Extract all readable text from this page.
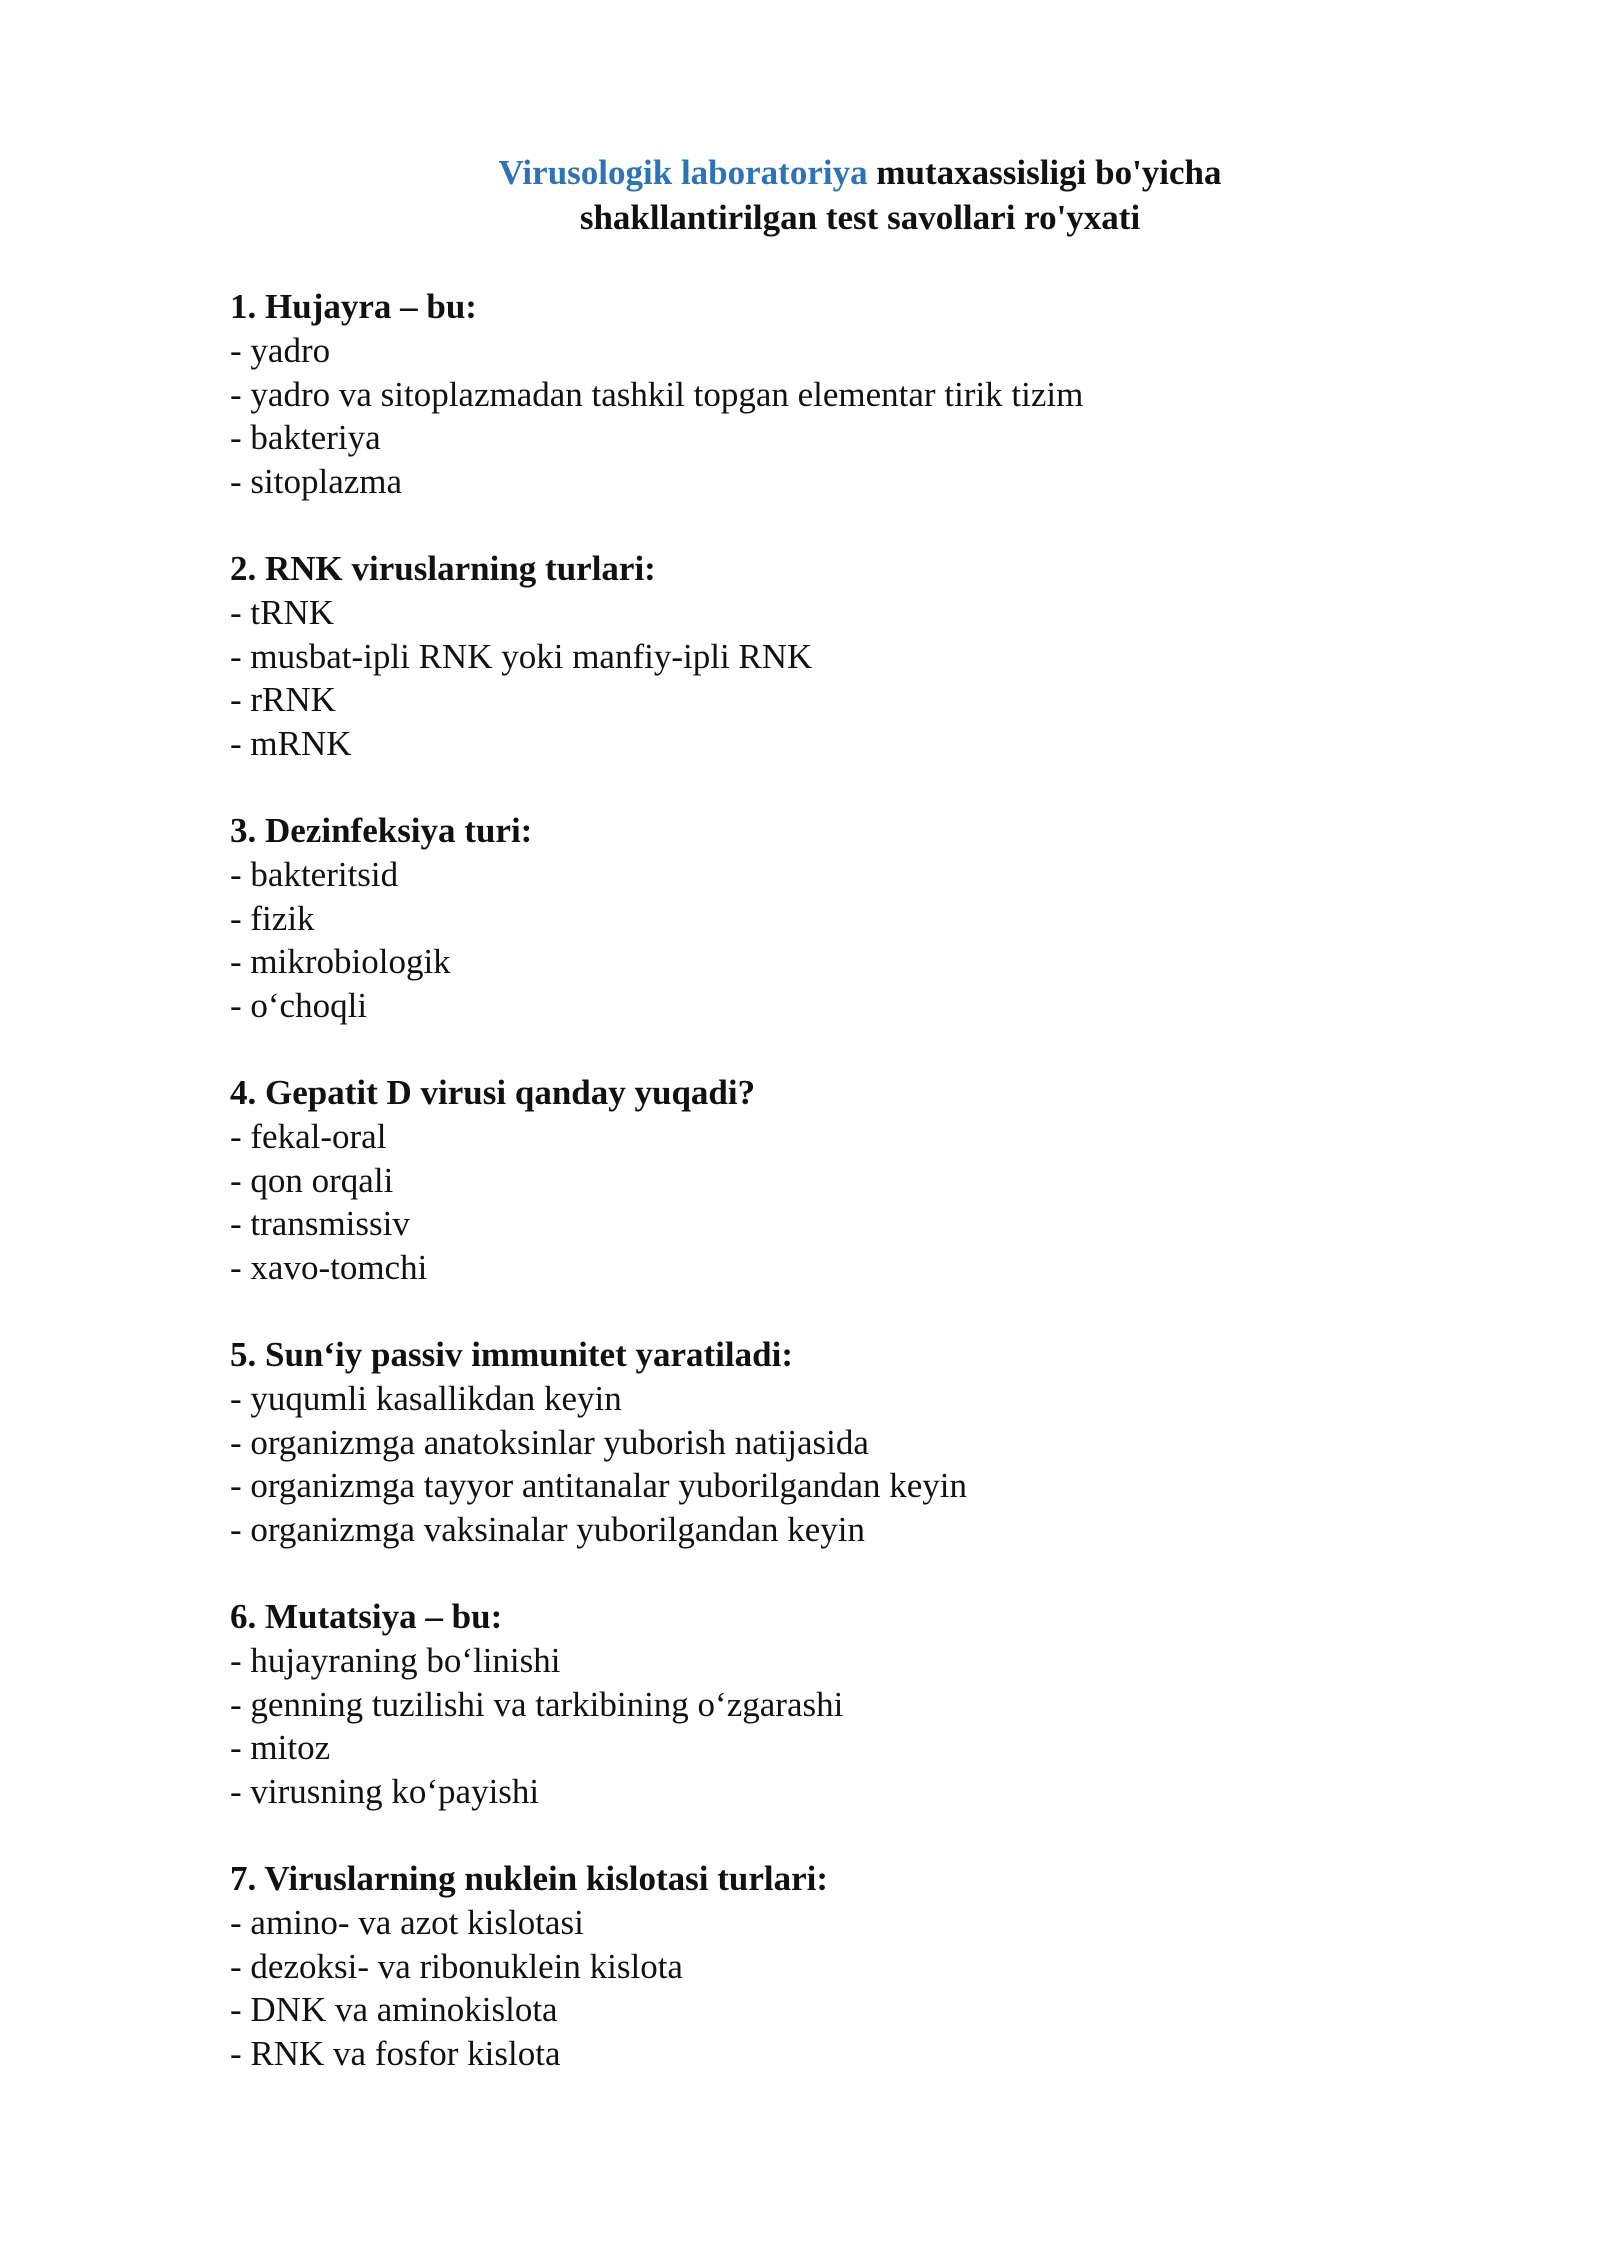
Virusologik laboratoriya mutaxassisligi bo'yicha
shakllantirilgan test savollari ro'yxati
1. Hujayra – bu:
- yadro
- yadro va sitoplazmadan tashkil topgan elementar tirik tizim
- bakteriya
- sitoplazma
2. RNK viruslarning turlari:
- tRNK
- musbat-ipli RNK yoki manfiy-ipli RNK
- rRNK
- mRNK
3. Dezinfeksiya turi:
- bakteritsid
- fizik
- mikrobiologik
- o‘choqli
4. Gepatit D virusi qanday yuqadi?
- fekal-oral
- qon orqali
- transmissiv
- xavo-tomchi
5. Sun‘iy passiv immunitet yaratiladi:
- yuqumli kasallikdan keyin
- organizmga anatoksinlar yuborish natijasida
- organizmga tayyor antitanalar yuborilgandan keyin
- organizmga vaksinalar yuborilgandan keyin
6. Mutatsiya – bu:
- hujayraning bo‘linishi
- genning tuzilishi va tarkibining o‘zgarashi
- mitoz
- virusning ko‘payishi
7. Viruslarning nuklein kislotasi turlari:
- amino- va azot kislotasi
- dezoksi- va ribonuklein kislota
- DNK va aminokislota
- RNK va fosfor kislota
